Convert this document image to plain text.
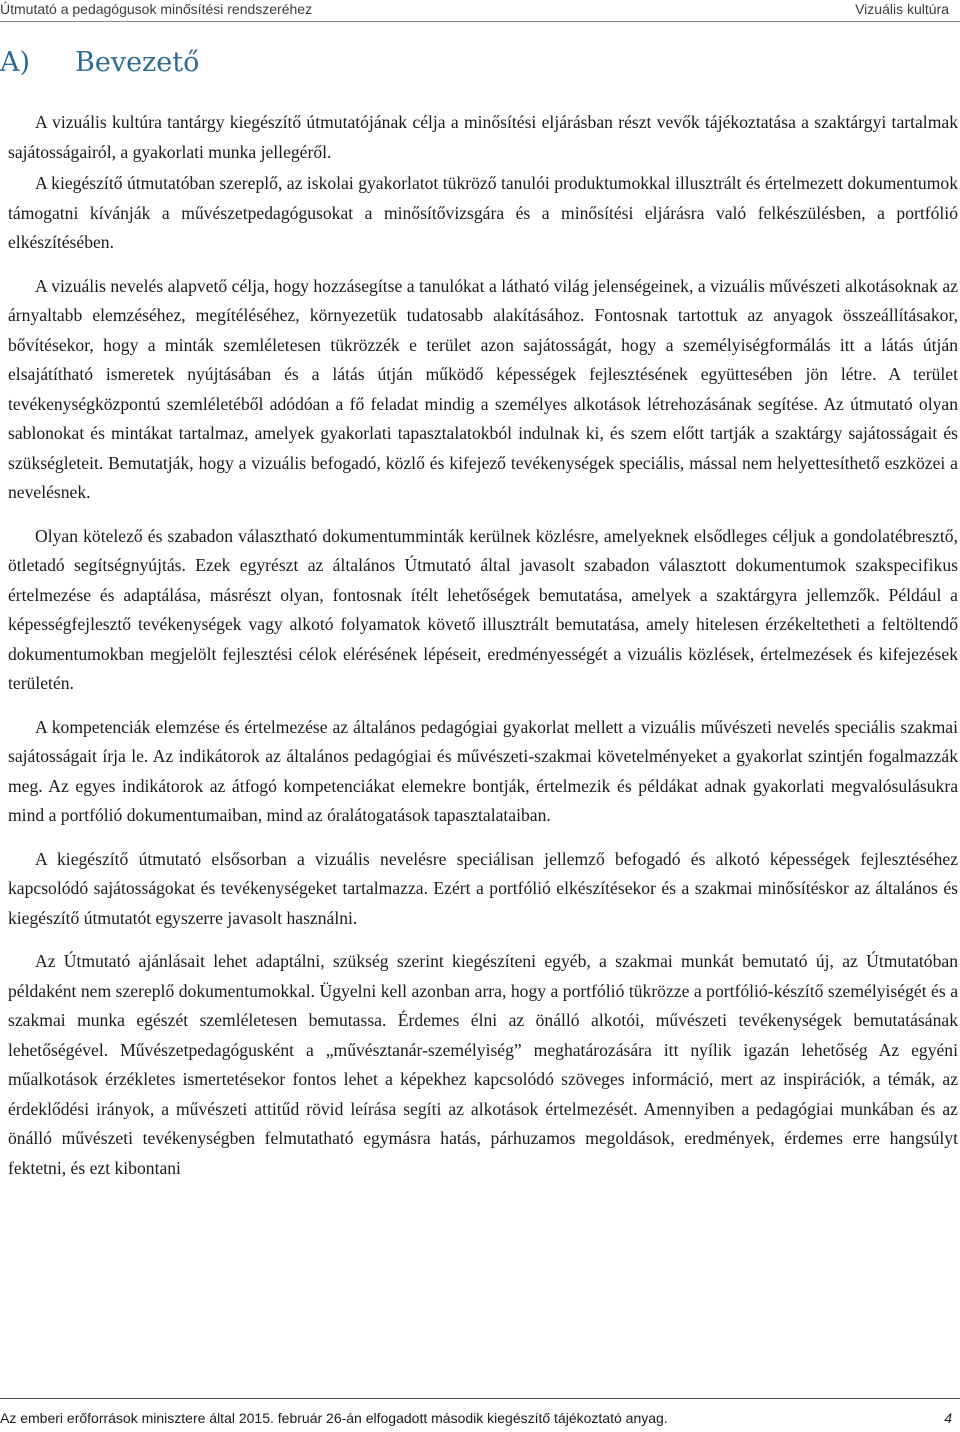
Útmutató a pedagógusok minősítési rendszeréhez	Vizuális kultúra
A) Bevezető

A vizuális kultúra tantárgy kiegészítő útmutatójának célja a minősítési eljárásban részt vevők tájékoztatása a szaktárgyi tartalmak sajátosságairól, a gyakorlati munka jellegéről.

A kiegészítő útmutatóban szereplő, az iskolai gyakorlatot tükröző tanulói produktumokkal illusztrált és értelmezett dokumentumok támogatni kívánják a művészetpedagógusokat a minősítővizsgára és a minősítési eljárásra való felkészülésben, a portfólió elkészítésében.

A vizuális nevelés alapvető célja, hogy hozzásegítse a tanulókat a látható világ jelenségeinek, a vizuális művészeti alkotásoknak az árnyaltabb elemzéséhez, megítéléséhez, környezetük tudatosabb alakításához. Fontosnak tartottuk az anyagok összeállításakor, bővítésekor, hogy a minták szemléletesen tükrözzék e terület azon sajátosságát, hogy a személyiségformálás itt a látás útján elsajátítható ismeretek nyújtásában és a látás útján működő képességek fejlesztésének együttesében jön létre. A terület tevékenységközpontú szemléletéből adódóan a fő feladat mindig a személyes alkotások létrehozásának segítése. Az útmutató olyan sablonokat és mintákat tartalmaz, amelyek gyakorlati tapasztalatokból indulnak ki, és szem előtt tartják a szaktárgy sajátosságait és szükségleteit. Bemutatják, hogy a vizuális befogadó, közlő és kifejező tevékenységek speciális, mással nem helyettesíthető eszközei a nevelésnek.

Olyan kötelező és szabadon választható dokumentumminták kerülnek közlésre, amelyeknek elsődleges céljuk a gondolatébresztő, ötletadó segítségnyújtás. Ezek egyrészt az általános Útmutató által javasolt szabadon választott dokumentumok szakspecifikus értelmezése és adaptálása, másrészt olyan, fontosnak ítélt lehetőségek bemutatása, amelyek a szaktárgyra jellemzők. Például a képességfejlesztő tevékenységek vagy alkotó folyamatok követő illusztrált bemutatása, amely hitelesen érzékeltetheti a feltöltendő dokumentumokban megjelölt fejlesztési célok elérésének lépéseit, eredményességét a vizuális közlések, értelmezések és kifejezések területén.

A kompetenciák elemzése és értelmezése az általános pedagógiai gyakorlat mellett a vizuális művészeti nevelés speciális szakmai sajátosságait írja le. Az indikátorok az általános pedagógiai és művészeti-szakmai követelményeket a gyakorlat szintjén fogalmazzák meg. Az egyes indikátorok az átfogó kompetenciákat elemekre bontják, értelmezik és példákat adnak gyakorlati megvalósulásukra mind a portfólió dokumentumaiban, mind az óralátogatások tapasztalataiban.

A kiegészítő útmutató elsősorban a vizuális nevelésre speciálisan jellemző befogadó és alkotó képességek fejlesztéséhez kapcsolódó sajátosságokat és tevékenységeket tartalmazza. Ezért a portfólió elkészítésekor és a szakmai minősítéskor az általános és kiegészítő útmutatót egyszerre javasolt használni.

Az Útmutató ajánlásait lehet adaptálni, szükség szerint kiegészíteni egyéb, a szakmai munkát bemutató új, az Útmutatóban példaként nem szereplő dokumentumokkal. Ügyelni kell azonban arra, hogy a portfólió tükrözze a portfólió-készítő személyiségét és a szakmai munka egészét szemléletesen bemutassa. Érdemes élni az önálló alkotói, művészeti tevékenységek bemutatásának lehetőségével. Művészetpedagógusként a „művésztanár-személyiség” meghatározására itt nyílik igazán lehetőség Az egyéni műalkotások érzékletes ismertetésekor fontos lehet a képekhez kapcsolódó szöveges információ, mert az inspirációk, a témák, az érdeklődési irányok, a művészeti attitűd rövid leírása segíti az alkotások értelmezését. Amennyiben a pedagógiai munkában és az önálló művészeti tevékenységben felmutatható egymásra hatás, párhuzamos megoldások, eredmények, érdemes erre hangsúlyt fektetni, és ezt kibontani

Az emberi erőforrások minisztere által 2015. február 26-án elfogadott második kiegészítő tájékoztató anyag.	4
